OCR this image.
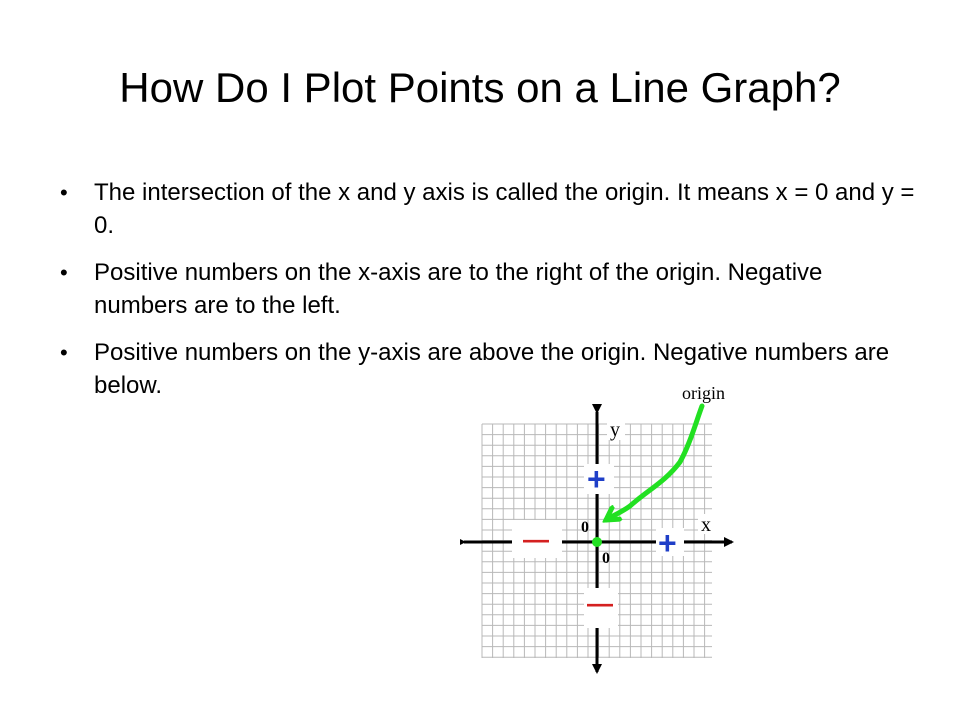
How Do I Plot Points on a Line Graph?
• The intersection of the x and y axis is called the origin. It means x = 0 and y = 0.
• Positive numbers on the x-axis are to the right of the origin. Negative numbers are to the left.
• Positive numbers on the y-axis are above the origin. Negative numbers are below.
y
x
0
0
+
+
—
—
origin
